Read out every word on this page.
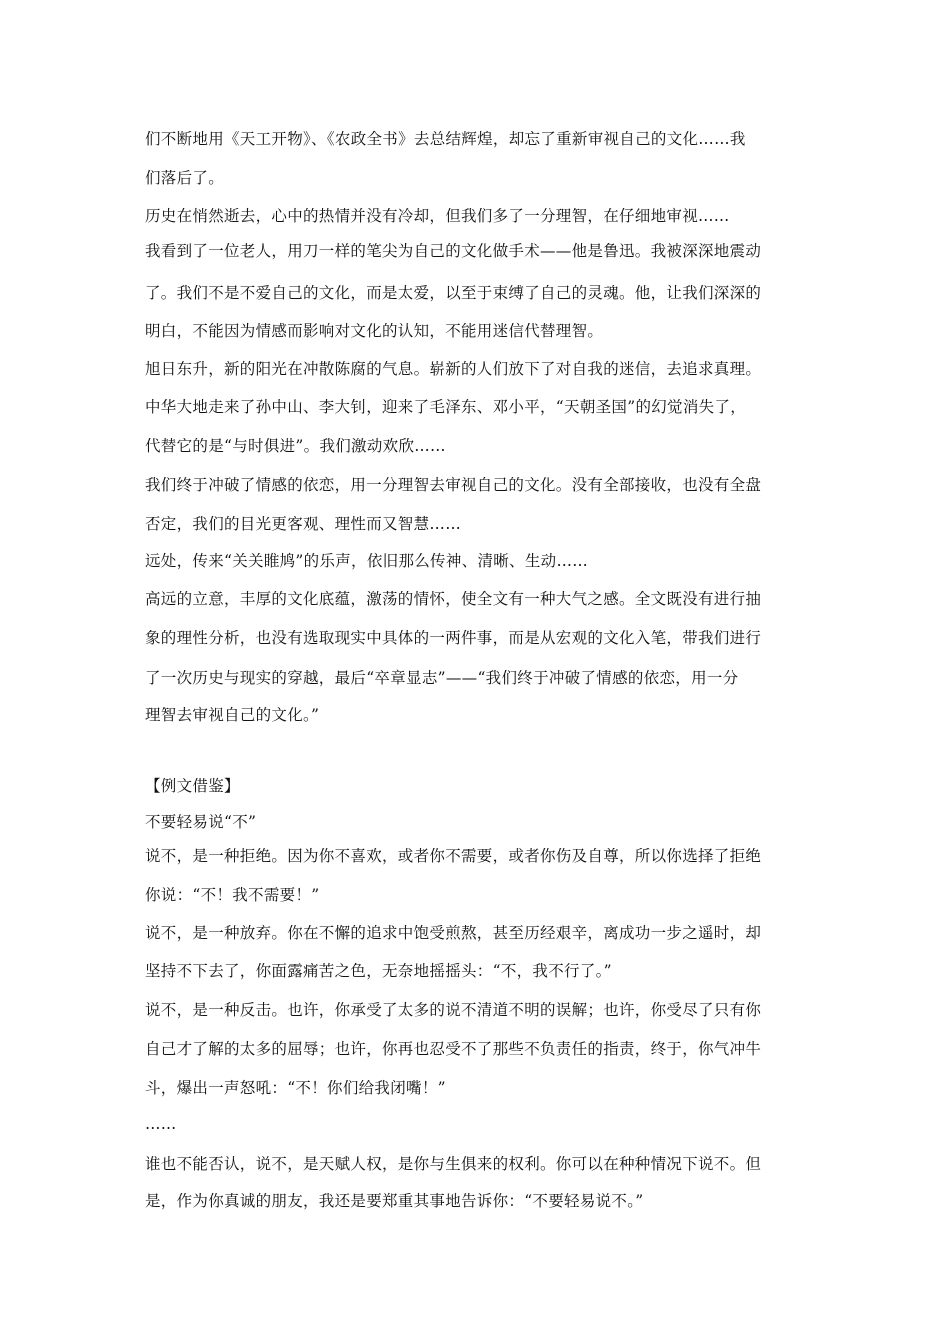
们不断地用《天工开物》、《农政全书》去总结辉煌，却忘了重新审视自己的文化……我
们落后了。
历史在悄然逝去，心中的热情并没有冷却，但我们多了一分理智，在仔细地审视……
我看到了一位老人，用刀一样的笔尖为自己的文化做手术——他是鲁迅。我被深深地震动
了。我们不是不爱自己的文化，而是太爱，以至于束缚了自己的灵魂。他，让我们深深的
明白，不能因为情感而影响对文化的认知，不能用迷信代替理智。
旭日东升，新的阳光在冲散陈腐的气息。崭新的人们放下了对自我的迷信，去追求真理。
中华大地走来了孙中山、李大钊，迎来了毛泽东、邓小平，“天朝圣国”的幻觉消失了，
代替它的是“与时俱进”。我们激动欢欣……
我们终于冲破了情感的依恋，用一分理智去审视自己的文化。没有全部接收，也没有全盘
否定，我们的目光更客观、理性而又智慧……
远处，传来“关关睢鸠”的乐声，依旧那么传神、清晰、生动……
高远的立意，丰厚的文化底蕴，激荡的情怀，使全文有一种大气之感。全文既没有进行抽
象的理性分析，也没有选取现实中具体的一两件事，而是从宏观的文化入笔，带我们进行
了一次历史与现实的穿越，最后“卒章显志”——“我们终于冲破了情感的依恋，用一分
理智去审视自己的文化。”
【例文借鉴】
不要轻易说“不”
说不，是一种拒绝。因为你不喜欢，或者你不需要，或者你伤及自尊，所以你选择了拒绝
你说：“不！我不需要！”
说不，是一种放弃。你在不懈的追求中饱受煎熬，甚至历经艰辛，离成功一步之遥时，却
坚持不下去了，你面露痛苦之色，无奈地摇摇头：“不，我不行了。”
说不，是一种反击。也许，你承受了太多的说不清道不明的误解；也许，你受尽了只有你
自己才了解的太多的屈辱；也许，你再也忍受不了那些不负责任的指责，终于，你气冲牛
斗，爆出一声怒吼：“不！你们给我闭嘴！”
……
谁也不能否认，说不，是天赋人权，是你与生俱来的权利。你可以在种种情况下说不。但
是，作为你真诚的朋友，我还是要郑重其事地告诉你：“不要轻易说不。”
